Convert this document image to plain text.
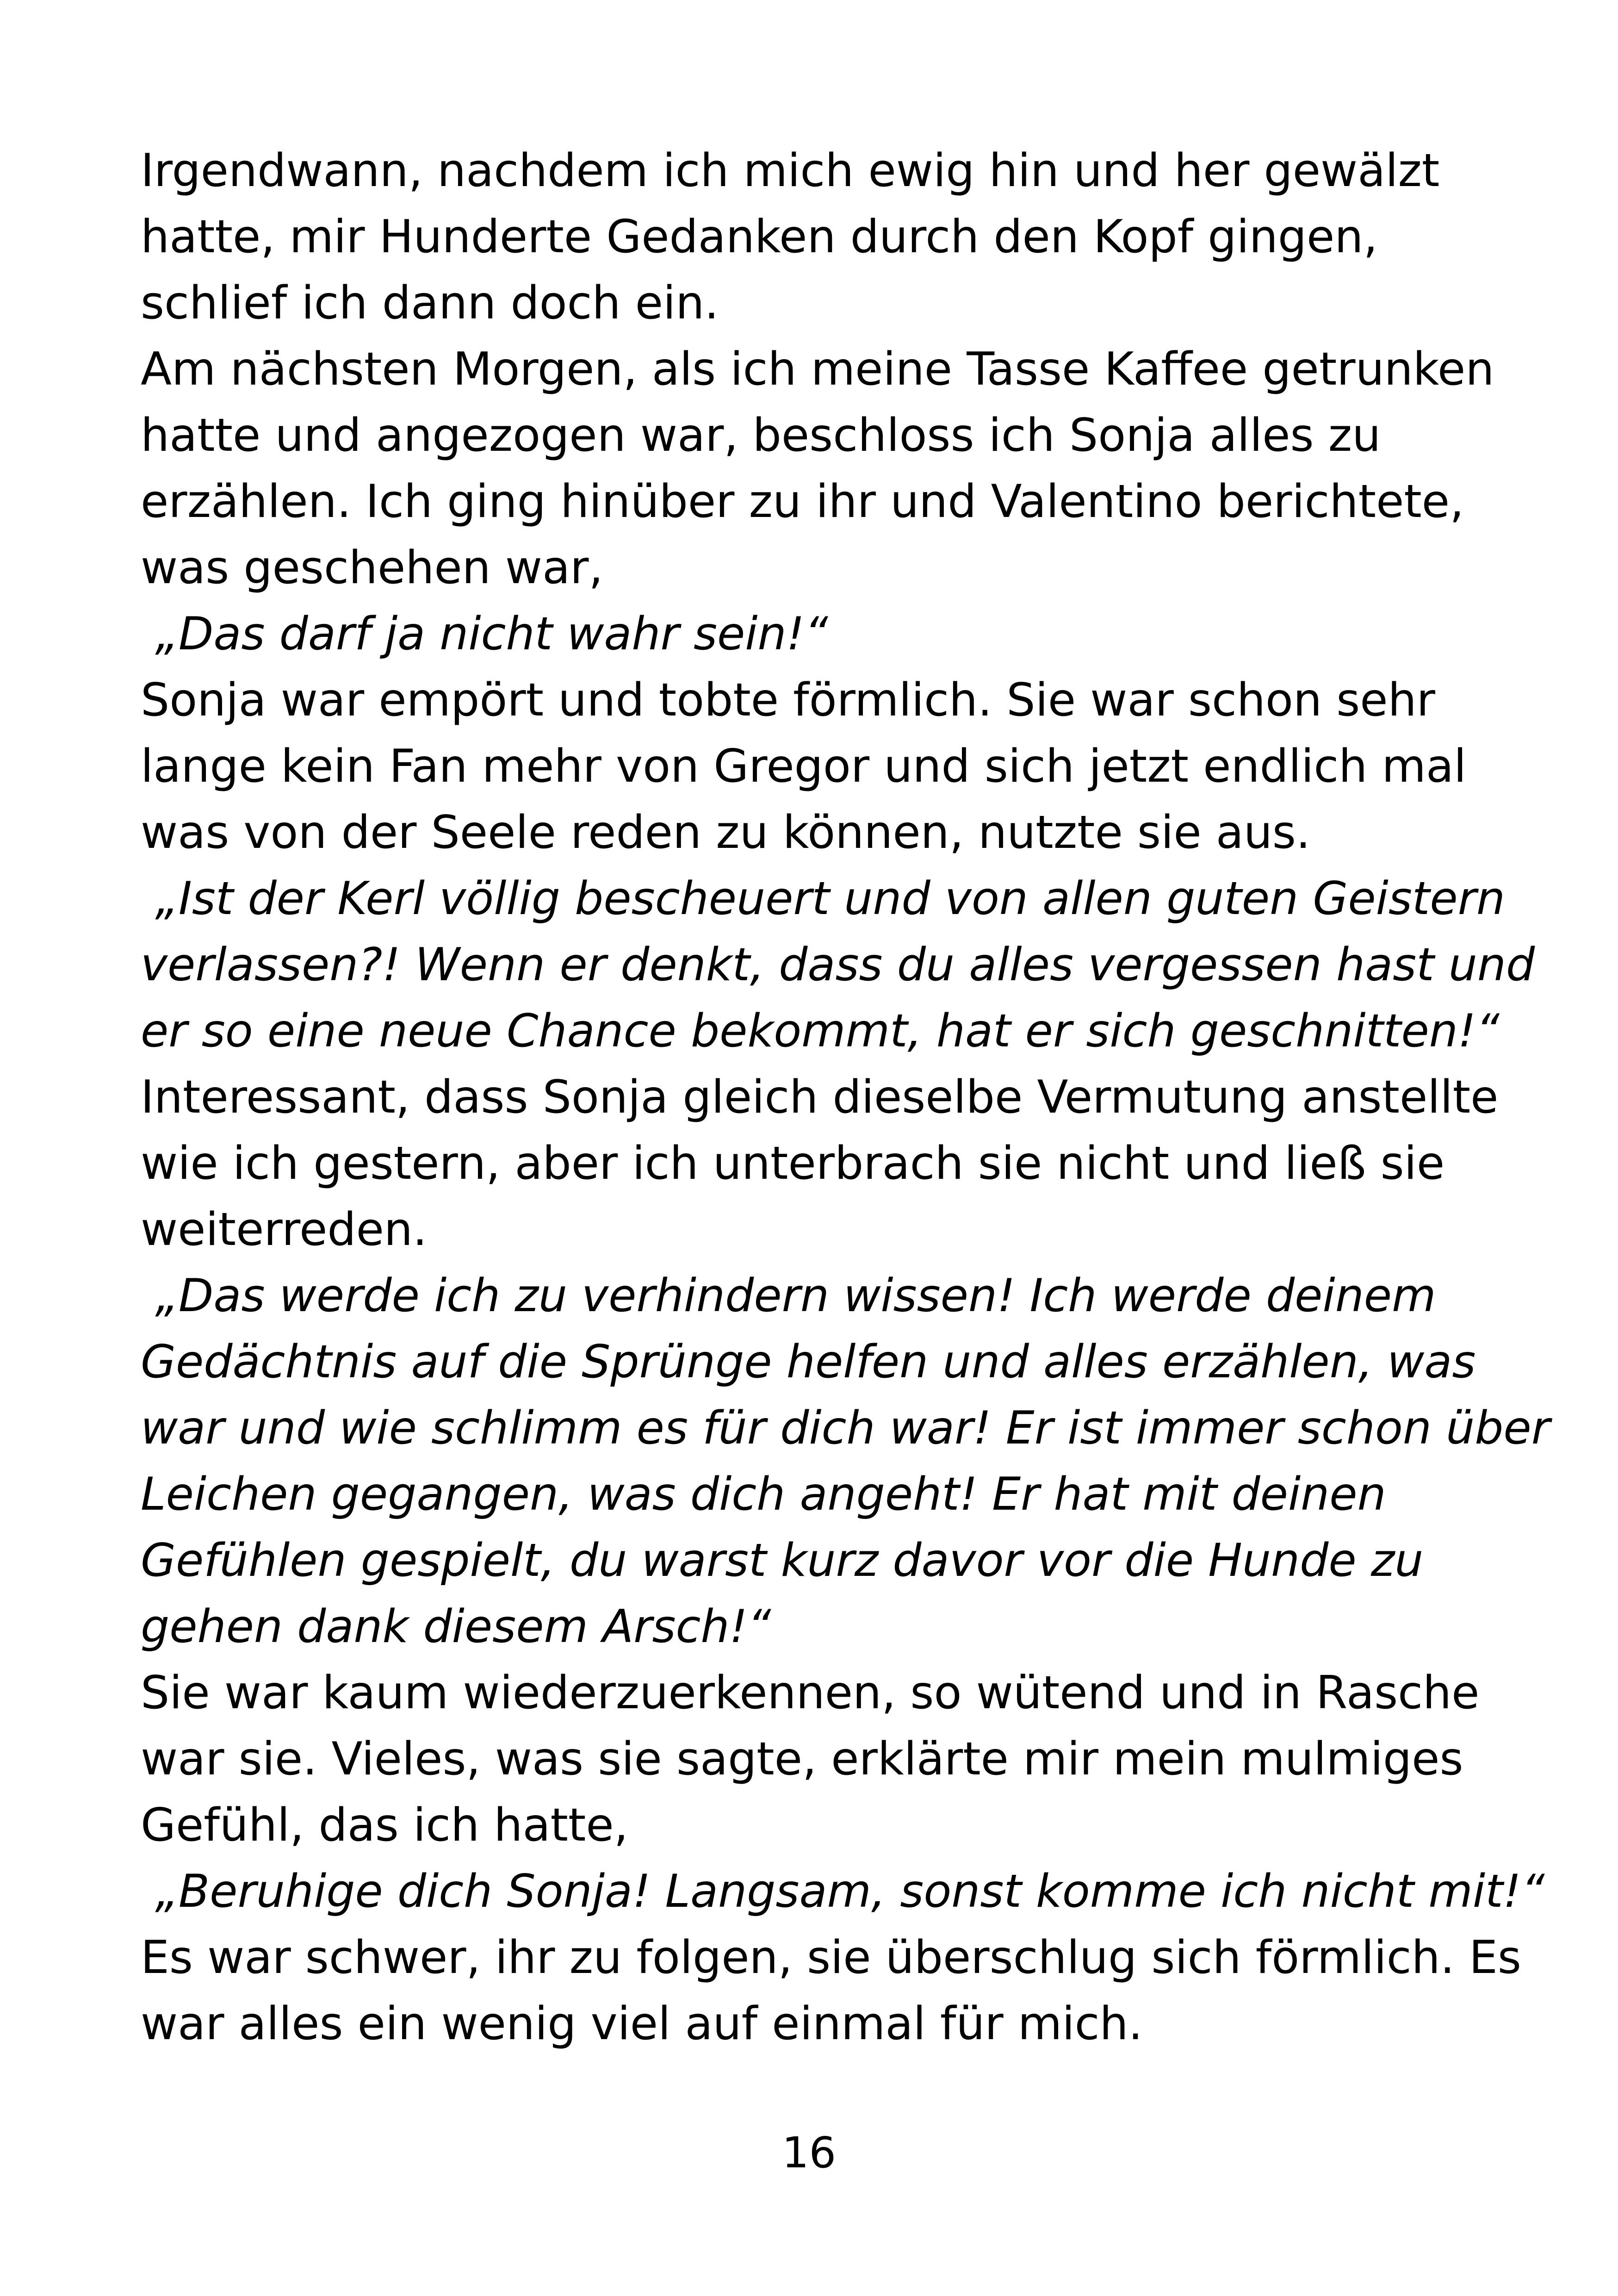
Irgendwann, nachdem ich mich ewig hin und her gewälzt
hatte, mir Hunderte Gedanken durch den Kopf gingen,
schlief ich dann doch ein.
Am nächsten Morgen, als ich meine Tasse Kaffee getrunken
hatte und angezogen war, beschloss ich Sonja alles zu
erzählen. Ich ging hinüber zu ihr und Valentino berichtete,
was geschehen war,
„Das darf ja nicht wahr sein!“
Sonja war empört und tobte förmlich. Sie war schon sehr
lange kein Fan mehr von Gregor und sich jetzt endlich mal
was von der Seele reden zu können, nutzte sie aus.
„Ist der Kerl völlig bescheuert und von allen guten Geistern
verlassen?! Wenn er denkt, dass du alles vergessen hast und
er so eine neue Chance bekommt, hat er sich geschnitten!“
Interessant, dass Sonja gleich dieselbe Vermutung anstellte
wie ich gestern, aber ich unterbrach sie nicht und ließ sie
weiterreden.
„Das werde ich zu verhindern wissen! Ich werde deinem
Gedächtnis auf die Sprünge helfen und alles erzählen, was
war und wie schlimm es für dich war! Er ist immer schon über
Leichen gegangen, was dich angeht! Er hat mit deinen
Gefühlen gespielt, du warst kurz davor vor die Hunde zu
gehen dank diesem Arsch!“
Sie war kaum wiederzuerkennen, so wütend und in Rasche
war sie. Vieles, was sie sagte, erklärte mir mein mulmiges
Gefühl, das ich hatte,
„Beruhige dich Sonja! Langsam, sonst komme ich nicht mit!“
Es war schwer, ihr zu folgen, sie überschlug sich förmlich. Es
war alles ein wenig viel auf einmal für mich.
16
